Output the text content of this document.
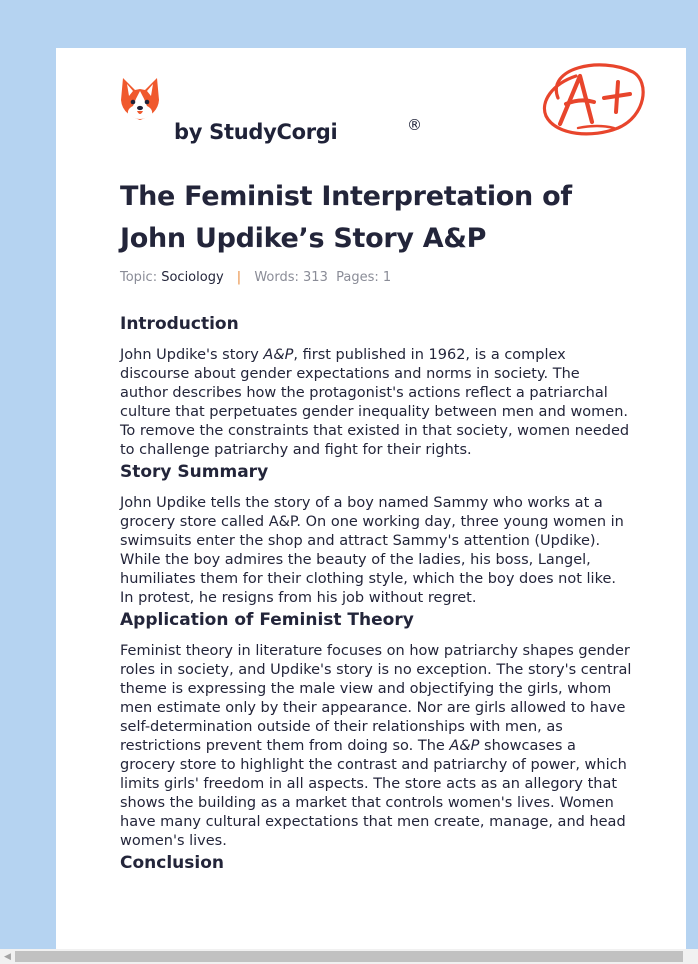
by StudyCorgi	®
The Feminist Interpretation of John Updike’s Story A&P
Topic: Sociology | Words: 313 Pages: 1
Introduction

John Updike's story A&P, first published in 1962, is a complex discourse about gender expectations and norms in society. The author describes how the protagonist's actions reflect a patriarchal culture that perpetuates gender inequality between men and women. To remove the constraints that existed in that society, women needed to challenge patriarchy and fight for their rights.

Story Summary

John Updike tells the story of a boy named Sammy who works at a grocery store called A&P. On one working day, three young women in swimsuits enter the shop and attract Sammy's attention (Updike). While the boy admires the beauty of the ladies, his boss, Langel, humiliates them for their clothing style, which the boy does not like. In protest, he resigns from his job without regret.

Application of Feminist Theory

Feminist theory in literature focuses on how patriarchy shapes gender roles in society, and Updike's story is no exception. The story's central theme is expressing the male view and objectifying the girls, whom men estimate only by their appearance. Nor are girls allowed to have self-determination outside of their relationships with men, as restrictions prevent them from doing so. The A&P showcases a grocery store to highlight the contrast and patriarchy of power, which limits girls' freedom in all aspects. The store acts as an allegory that shows the building as a market that controls women's lives. Women have many cultural expectations that men create, manage, and head women's lives.

Conclusion
◀
